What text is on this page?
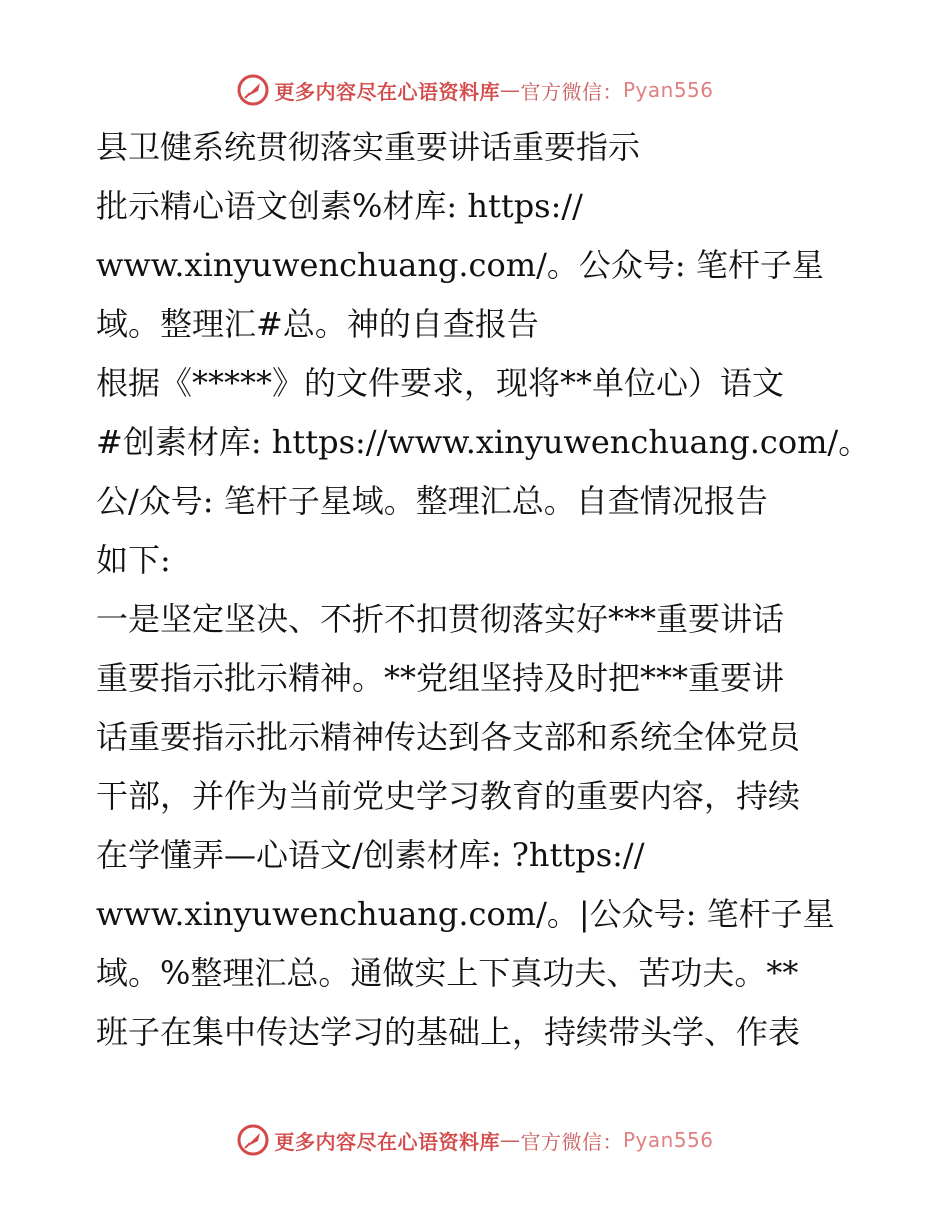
更多内容尽在心语资料库 — 官方微信： Pyan556
县卫健系统贯彻落实重要讲话重要指示
批示精心语文创素%材库: https://
www.xinyuwenchuang.com/。公众号: 笔杆子星
域。整理汇#总。神的自查报告
根据《*****》的文件要求，现将**单位心）语文
#创素材库: https://www.xinyuwenchuang.com/。
公/众号: 笔杆子星域。整理汇总。自查情况报告
如下:
一是坚定坚决、不折不扣贯彻落实好***重要讲话
重要指示批示精神。**党组坚持及时把***重要讲
话重要指示批示精神传达到各支部和系统全体党员
干部，并作为当前党史学习教育的重要内容，持续
在学懂弄—心语文/创素材库: ?https://
www.xinyuwenchuang.com/。|公众号: 笔杆子星
域。%整理汇总。通做实上下真功夫、苦功夫。**
班子在集中传达学习的基础上，持续带头学、作表
更多内容尽在心语资料库 — 官方微信： Pyan556
